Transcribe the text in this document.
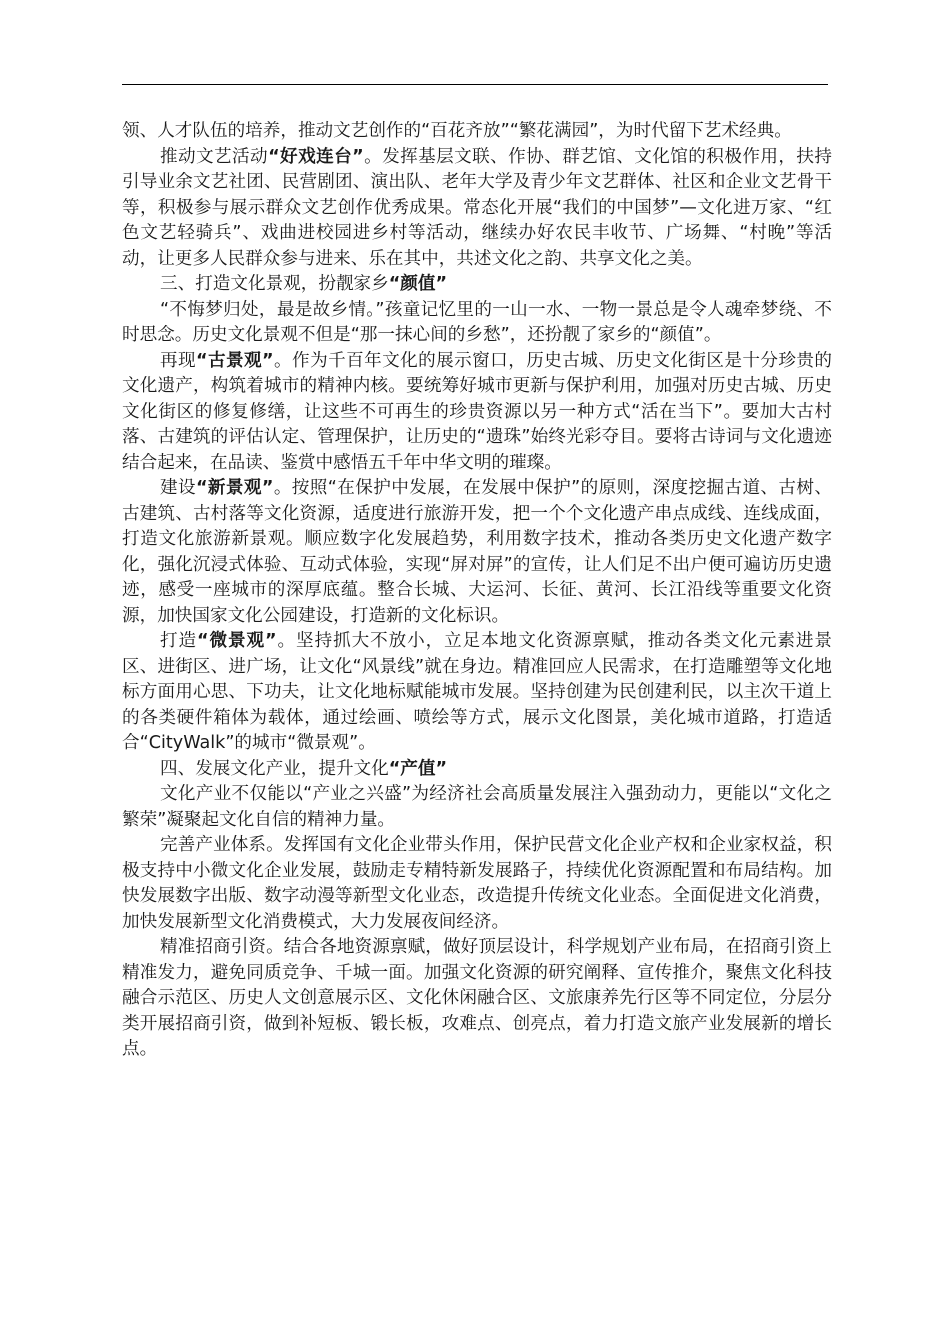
领、人才队伍的培养，推动文艺创作的“百花齐放”“繁花满园”，为时代留下艺术经典。

推动文艺活动“好戏连台”。发挥基层文联、作协、群艺馆、文化馆的积极作用，扶持引导业余文艺社团、民营剧团、演出队、老年大学及青少年文艺群体、社区和企业文艺骨干等，积极参与展示群众文艺创作优秀成果。常态化开展“我们的中国梦”—文化进万家、“红色文艺轻骑兵”、戏曲进校园进乡村等活动，继续办好农民丰收节、广场舞、“村晚”等活动，让更多人民群众参与进来、乐在其中，共述文化之韵、共享文化之美。

三、打造文化景观，扮靓家乡“颜值”

“不悔梦归处，最是故乡情。”孩童记忆里的一山一水、一物一景总是令人魂牵梦绕、不时思念。历史文化景观不但是“那一抹心间的乡愁”，还扮靓了家乡的“颜值”。

再现“古景观”。作为千百年文化的展示窗口，历史古城、历史文化街区是十分珍贵的文化遗产，构筑着城市的精神内核。要统筹好城市更新与保护利用，加强对历史古城、历史文化街区的修复修缮，让这些不可再生的珍贵资源以另一种方式“活在当下”。要加大古村落、古建筑的评估认定、管理保护，让历史的“遗珠”始终光彩夺目。要将古诗词与文化遗迹结合起来，在品读、鉴赏中感悟五千年中华文明的璀璨。

建设“新景观”。按照“在保护中发展，在发展中保护”的原则，深度挖掘古道、古树、古建筑、古村落等文化资源，适度进行旅游开发，把一个个文化遗产串点成线、连线成面，打造文化旅游新景观。顺应数字化发展趋势，利用数字技术，推动各类历史文化遗产数字化，强化沉浸式体验、互动式体验，实现“屏对屏”的宣传，让人们足不出户便可遍访历史遗迹，感受一座城市的深厚底蕴。整合长城、大运河、长征、黄河、长江沿线等重要文化资源，加快国家文化公园建设，打造新的文化标识。

打造“微景观”。坚持抓大不放小，立足本地文化资源禀赋，推动各类文化元素进景区、进街区、进广场，让文化“风景线”就在身边。精准回应人民需求，在打造雕塑等文化地标方面用心思、下功夫，让文化地标赋能城市发展。坚持创建为民创建利民，以主次干道上的各类硬件箱体为载体，通过绘画、喷绘等方式，展示文化图景，美化城市道路，打造适合“CityWalk”的城市“微景观”。

四、发展文化产业，提升文化“产值”

文化产业不仅能以“产业之兴盛”为经济社会高质量发展注入强劲动力，更能以“文化之繁荣”凝聚起文化自信的精神力量。

完善产业体系。发挥国有文化企业带头作用，保护民营文化企业产权和企业家权益，积极支持中小微文化企业发展，鼓励走专精特新发展路子，持续优化资源配置和布局结构。加快发展数字出版、数字动漫等新型文化业态，改造提升传统文化业态。全面促进文化消费，加快发展新型文化消费模式，大力发展夜间经济。

精准招商引资。结合各地资源禀赋，做好顶层设计，科学规划产业布局，在招商引资上精准发力，避免同质竞争、千城一面。加强文化资源的研究阐释、宣传推介，聚焦文化科技融合示范区、历史人文创意展示区、文化休闲融合区、文旅康养先行区等不同定位，分层分类开展招商引资，做到补短板、锻长板，攻难点、创亮点，着力打造文旅产业发展新的增长点。
